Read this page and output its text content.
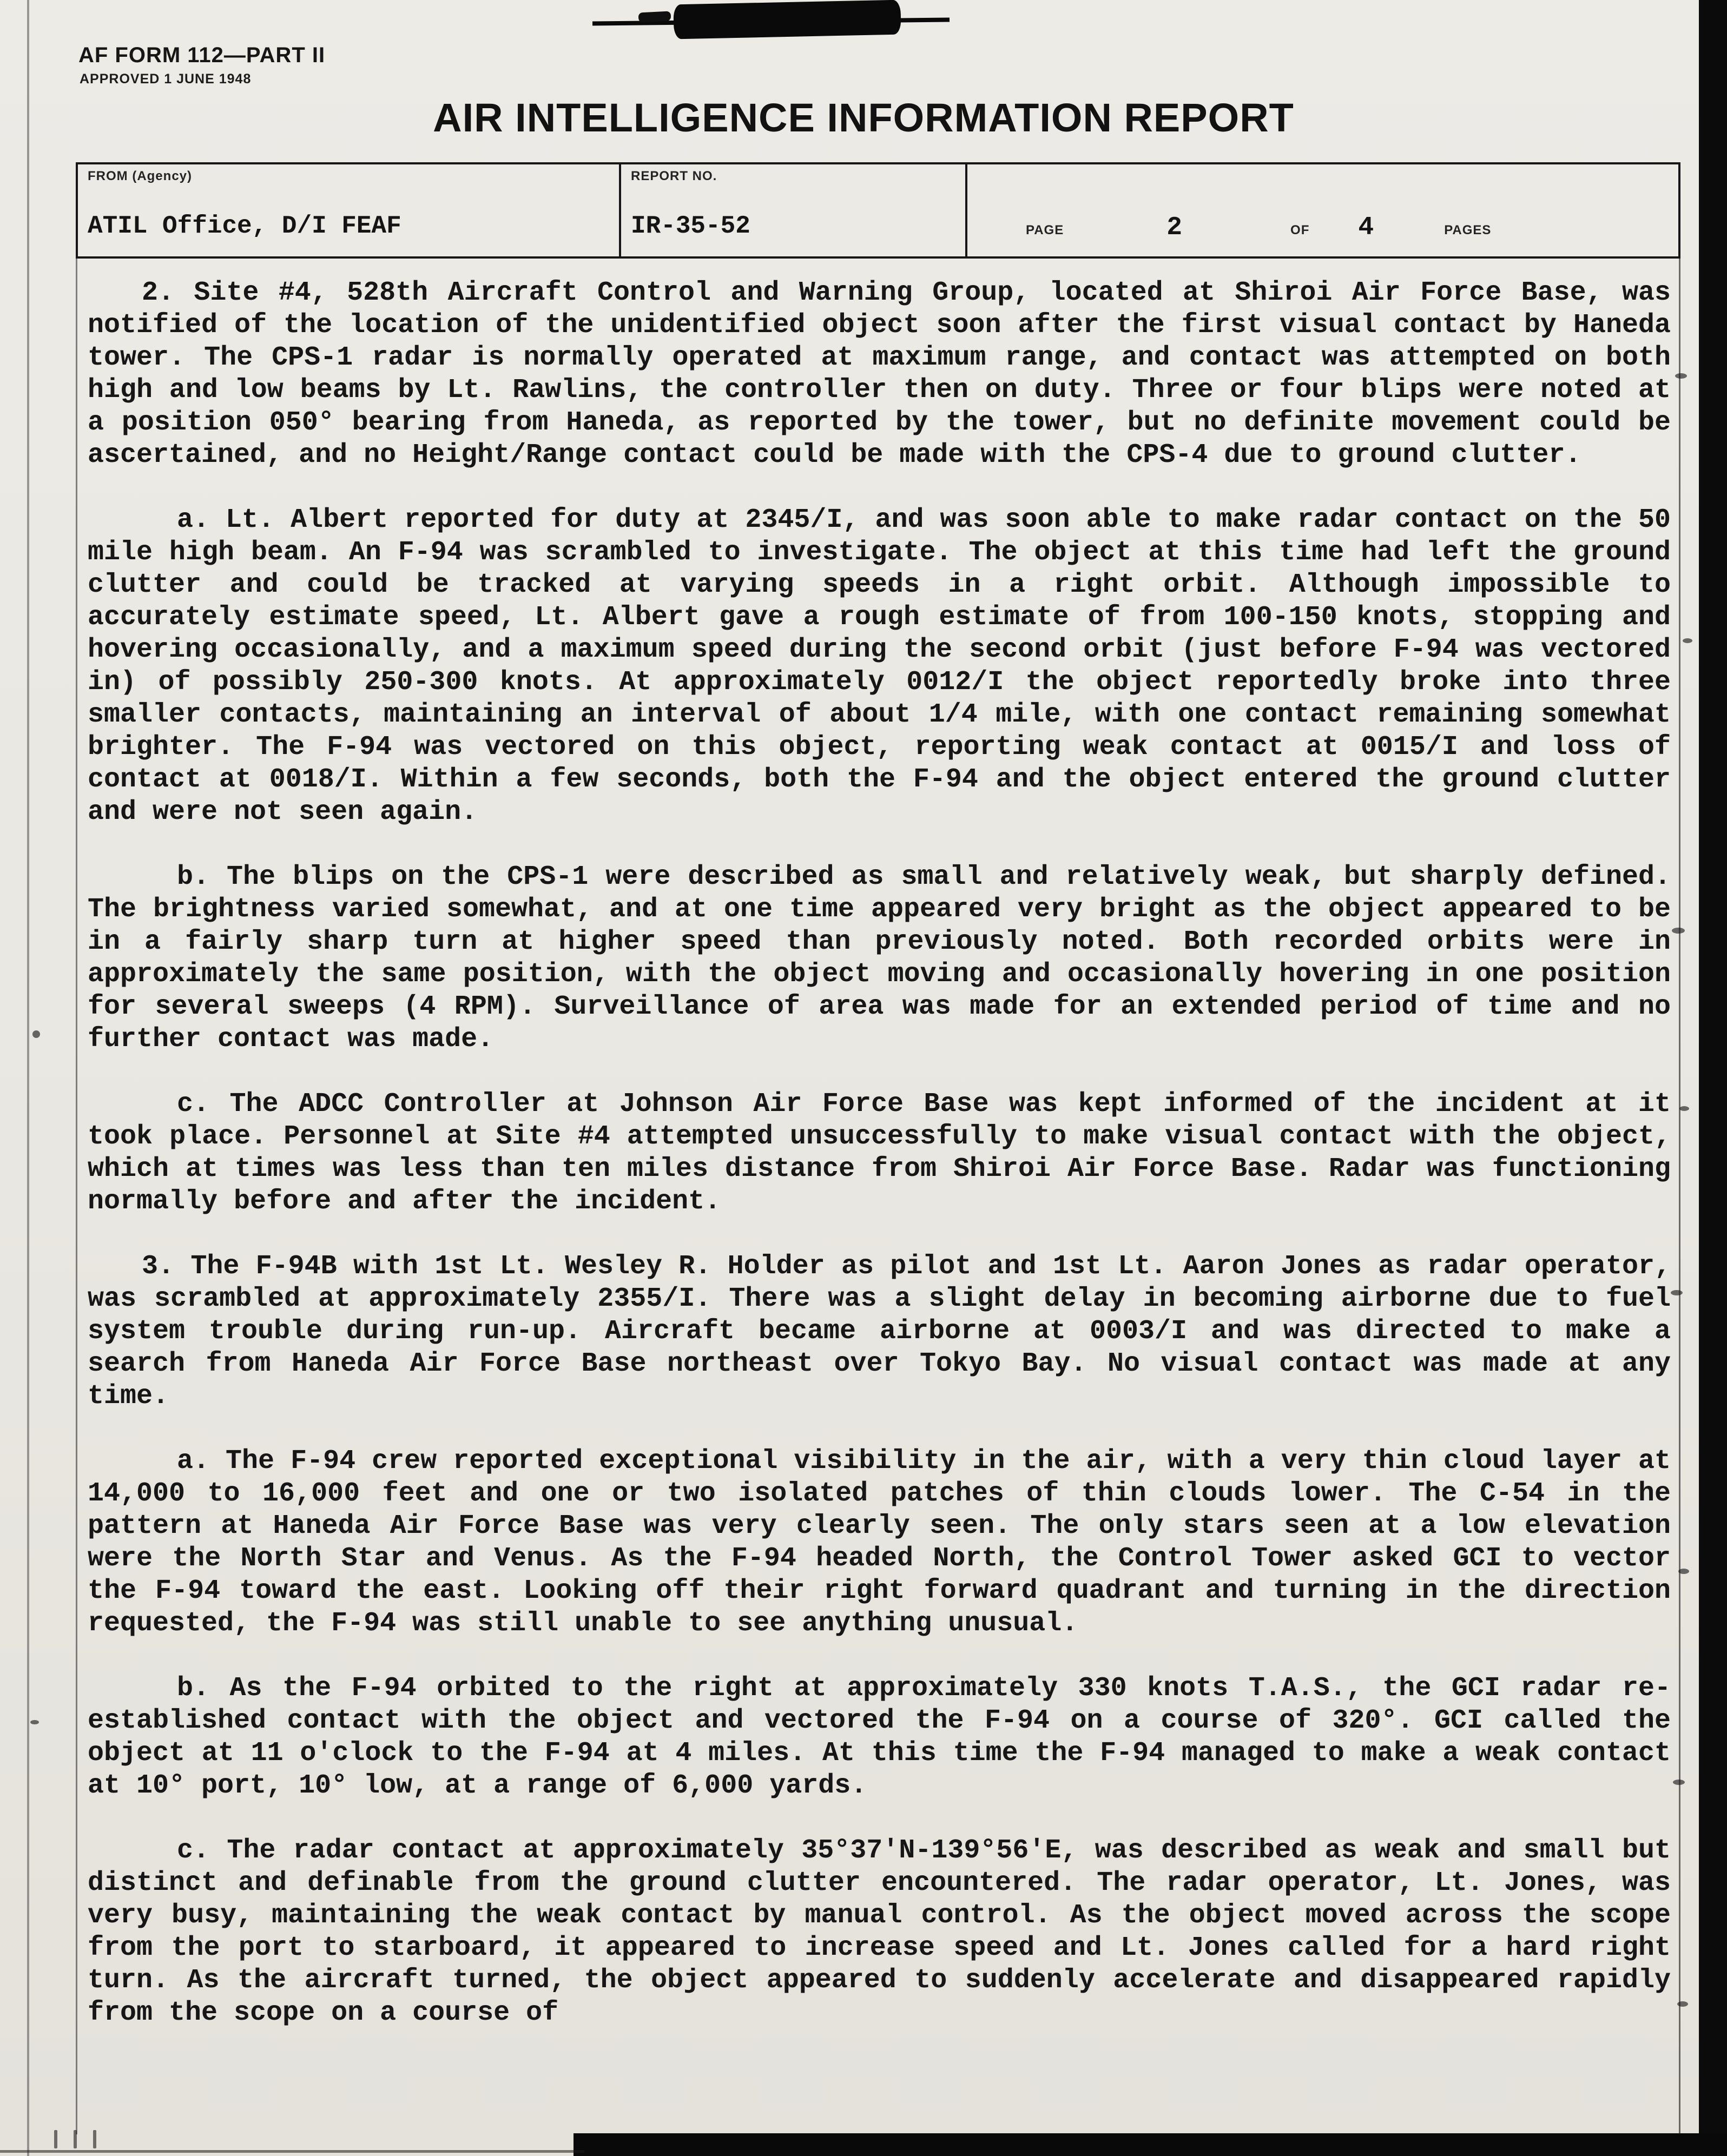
AF FORM 112—PART II
APPROVED 1 JUNE 1948
AIR INTELLIGENCE INFORMATION REPORT
FROM (Agency)
ATIL Office, D/I FEAF
REPORT NO.
IR-35-52	PAGE	2	OF 4	PAGES

2. Site #4, 528th Aircraft Control and Warning Group, located at Shiroi Air Force Base, was notified of the location of the unidentified object soon after the first visual contact by Haneda tower. The CPS-1 radar is normally operated at maximum range, and contact was attempted on both high and low beams by Lt. Rawlins, the controller then on duty. Three or four blips were noted at a position 050° bearing from Haneda, as reported by the tower, but no definite movement could be ascertained, and no Height/Range contact could be made with the CPS-4 due to ground clutter.

a. Lt. Albert reported for duty at 2345/I, and was soon able to make radar contact on the 50 mile high beam. An F-94 was scrambled to investigate. The object at this time had left the ground clutter and could be tracked at varying speeds in a right orbit. Although impossible to accurately estimate speed, Lt. Albert gave a rough estimate of from 100-150 knots, stopping and hovering occasionally, and a maximum speed during the second orbit (just before F-94 was vectored in) of possibly 250-300 knots. At approximately 0012/I the object reportedly broke into three smaller contacts, maintaining an interval of about 1/4 mile, with one contact remaining somewhat brighter. The F-94 was vectored on this object, reporting weak contact at 0015/I and loss of contact at 0018/I. Within a few seconds, both the F-94 and the object entered the ground clutter and were not seen again.

b. The blips on the CPS-1 were described as small and relatively weak, but sharply defined. The brightness varied somewhat, and at one time appeared very bright as the object appeared to be in a fairly sharp turn at higher speed than previously noted. Both recorded orbits were in approximately the same position, with the object moving and occasionally hovering in one position for several sweeps (4 RPM). Surveillance of area was made for an extended period of time and no further contact was made.

c. The ADCC Controller at Johnson Air Force Base was kept informed of the incident at it took place. Personnel at Site #4 attempted unsuccessfully to make visual contact with the object, which at times was less than ten miles distance from Shiroi Air Force Base. Radar was functioning normally before and after the incident.

3. The F-94B with 1st Lt. Wesley R. Holder as pilot and 1st Lt. Aaron Jones as radar operator, was scrambled at approximately 2355/I. There was a slight delay in becoming airborne due to fuel system trouble during run-up. Aircraft became airborne at 0003/I and was directed to make a search from Haneda Air Force Base northeast over Tokyo Bay. No visual contact was made at any time.

a. The F-94 crew reported exceptional visibility in the air, with a very thin cloud layer at 14,000 to 16,000 feet and one or two isolated patches of thin clouds lower. The C-54 in the pattern at Haneda Air Force Base was very clearly seen. The only stars seen at a low elevation were the North Star and Venus. As the F-94 headed North, the Control Tower asked GCI to vector the F-94 toward the east. Looking off their right forward quadrant and turning in the direction requested, the F-94 was still unable to see anything unusual.

b. As the F-94 orbited to the right at approximately 330 knots T.A.S., the GCI radar re-established contact with the object and vectored the F-94 on a course of 320°. GCI called the object at 11 o'clock to the F-94 at 4 miles. At this time the F-94 managed to make a weak contact at 10° port, 10° low, at a range of 6,000 yards.

c. The radar contact at approximately 35°37'N-139°56'E, was described as weak and small but distinct and definable from the ground clutter encountered. The radar operator, Lt. Jones, was very busy, maintaining the weak contact by manual control. As the object moved across the scope from the port to starboard, it appeared to increase speed and Lt. Jones called for a hard right turn. As the aircraft turned, the object appeared to suddenly accelerate and disappeared rapidly from the scope on a course of
